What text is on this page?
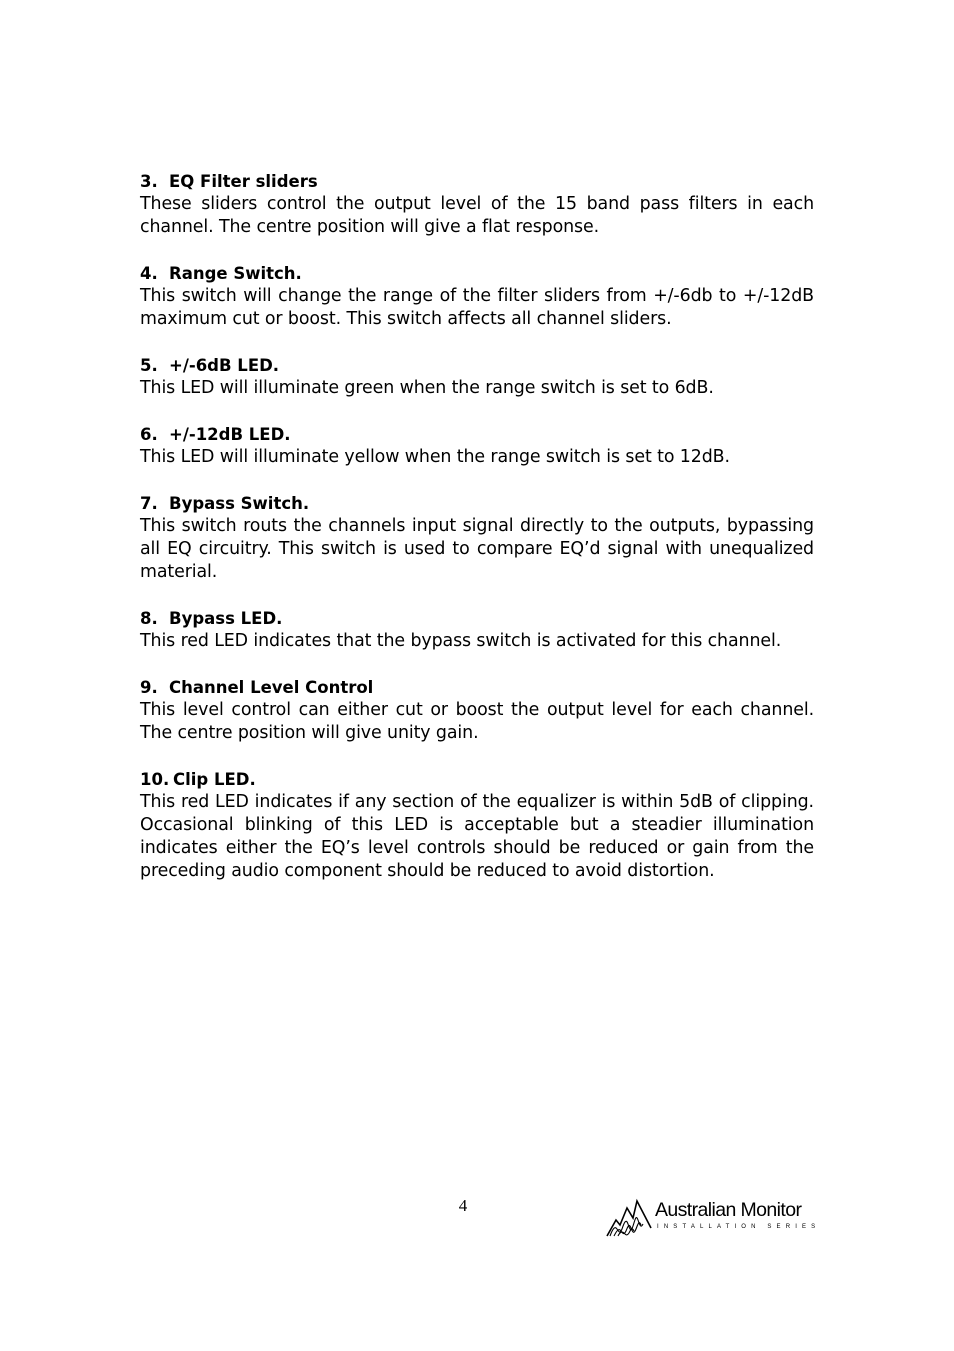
3. EQ Filter sliders

These sliders control the output level of the 15 band pass filters in each channel. The centre position will give a flat response.

4. Range Switch.

This switch will change the range of the filter sliders from +/-6db to +/-12dB maximum cut or boost. This switch affects all channel sliders.

5. +/-6dB LED.

This LED will illuminate green when the range switch is set to 6dB.

6. +/-12dB LED.

This LED will illuminate yellow when the range switch is set to 12dB.

7. Bypass Switch.

This switch routs the channels input signal directly to the outputs, bypassing all EQ circuitry. This switch is used to compare EQ’d signal with unequalized material.

8. Bypass LED.

This red LED indicates that the bypass switch is activated for this channel.

9. Channel Level Control

This level control can either cut or boost the output level for each channel. The centre position will give unity gain.

10. Clip LED.

This red LED indicates if any section of the equalizer is within 5dB of clipping. Occasional blinking of this LED is acceptable but a steadier illumination indicates either the EQ’s level controls should be reduced or gain from the preceding audio component should be reduced to avoid distortion.

4	Australian Monitor
INSTALLATION SERIES
